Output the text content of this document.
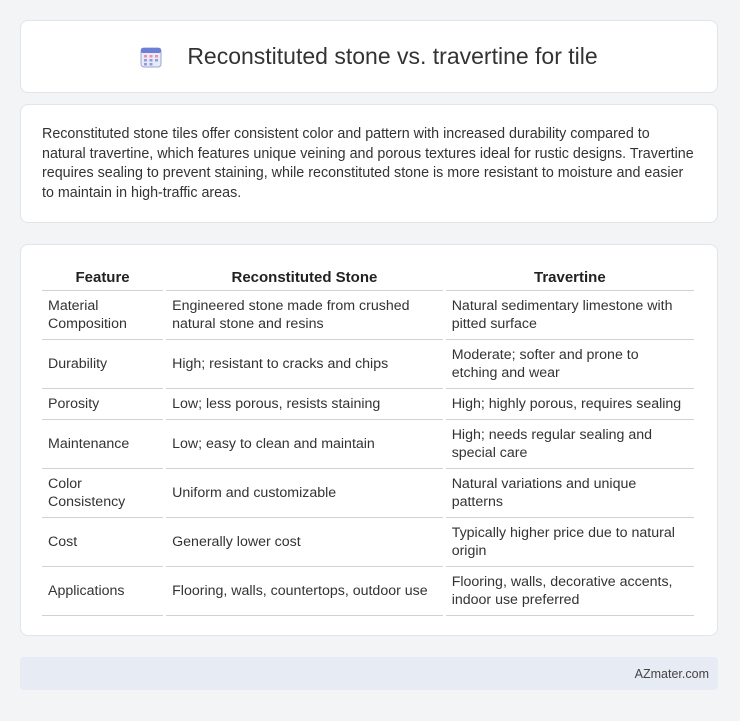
Reconstituted stone vs. travertine for tile

Reconstituted stone tiles offer consistent color and pattern with increased durability compared to natural travertine, which features unique veining and porous textures ideal for rustic designs. Travertine requires sealing to prevent staining, while reconstituted stone is more resistant to moisture and easier to maintain in high-traffic areas.

Feature	Reconstituted Stone	Travertine
Material Composition	Engineered stone made from crushed natural stone and resins	Natural sedimentary limestone with pitted surface
Durability	High; resistant to cracks and chips	Moderate; softer and prone to etching and wear
Porosity	Low; less porous, resists staining	High; highly porous, requires sealing
Maintenance	Low; easy to clean and maintain	High; needs regular sealing and special care
Color Consistency	Uniform and customizable	Natural variations and unique patterns
Cost	Generally lower cost	Typically higher price due to natural origin
Applications	Flooring, walls, countertops, outdoor use	Flooring, walls, decorative accents, indoor use preferred
AZmater.com
